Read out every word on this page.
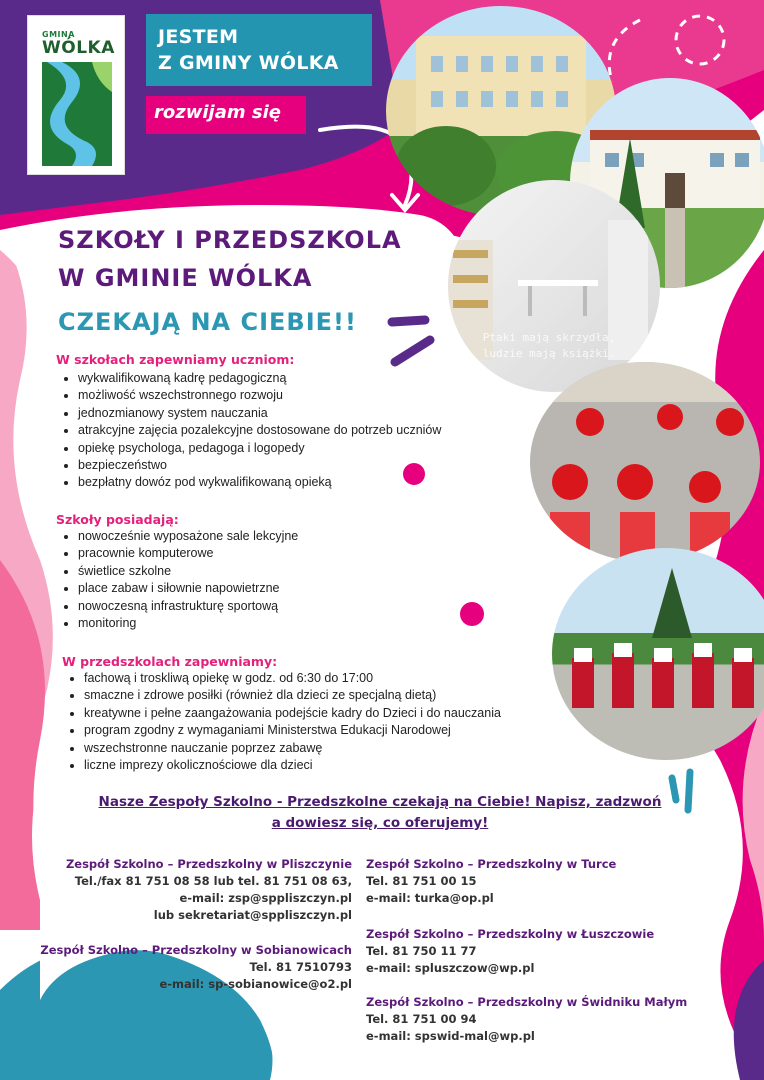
GMINA
WÓLKA JESTEM
Z GMINY WÓLKA
rozwijam się
Ptaki mają skrzydła,
ludzie mają książki.
SZKOŁY I PRZEDSZKOLA
W GMINIE WÓLKA
CZEKAJĄ NA CIEBIE!!
W szkołach zapewniamy uczniom:
• wykwalifikowaną kadrę pedagogiczną
• możliwość wszechstronnego rozwoju
• jednozmianowy system nauczania
• atrakcyjne zajęcia pozalekcyjne dostosowane do potrzeb uczniów
• opiekę psychologa, pedagoga i logopedy
• bezpieczeństwo
• bezpłatny dowóz pod wykwalifikowaną opieką
Szkoły posiadają:
• nowocześnie wyposażone sale lekcyjne
• pracownie komputerowe
• świetlice szkolne
• place zabaw i siłownie napowietrzne
• nowoczesną infrastrukturę sportową
• monitoring
W przedszkolach zapewniamy:
• fachową i troskliwą opiekę w godz. od 6:30 do 17:00
• smaczne i zdrowe posiłki (również dla dzieci ze specjalną dietą)
• kreatywne i pełne zaangażowania podejście kadry do Dzieci i do nauczania
• program zgodny z wymaganiami Ministerstwa Edukacji Narodowej
• wszechstronne nauczanie poprzez zabawę
• liczne imprezy okolicznościowe dla dzieci
Nasze Zespoły Szkolno - Przedszkolne czekają na Ciebie! Napisz, zadzwoń
a dowiesz się, co oferujemy!
Zespół Szkolno – Przedszkolny w Pliszczynie
Tel./fax 81 751 08 58 lub tel. 81 751 08 63,
e-mail: zsp@sppliszczyn.pl
lub sekretariat@sppliszczyn.pl
Zespół Szkolno – Przedszkolny w Sobianowicach
Tel. 81 7510793
e-mail: sp-sobianowice@o2.pl
Zespół Szkolno – Przedszkolny w Turce
Tel. 81 751 00 15
e-mail: turka@op.pl
Zespół Szkolno – Przedszkolny w Łuszczowie
Tel. 81 750 11 77
e-mail: spluszczow@wp.pl
Zespół Szkolno – Przedszkolny w Świdniku Małym
Tel. 81 751 00 94
e-mail: spswid-mal@wp.pl
